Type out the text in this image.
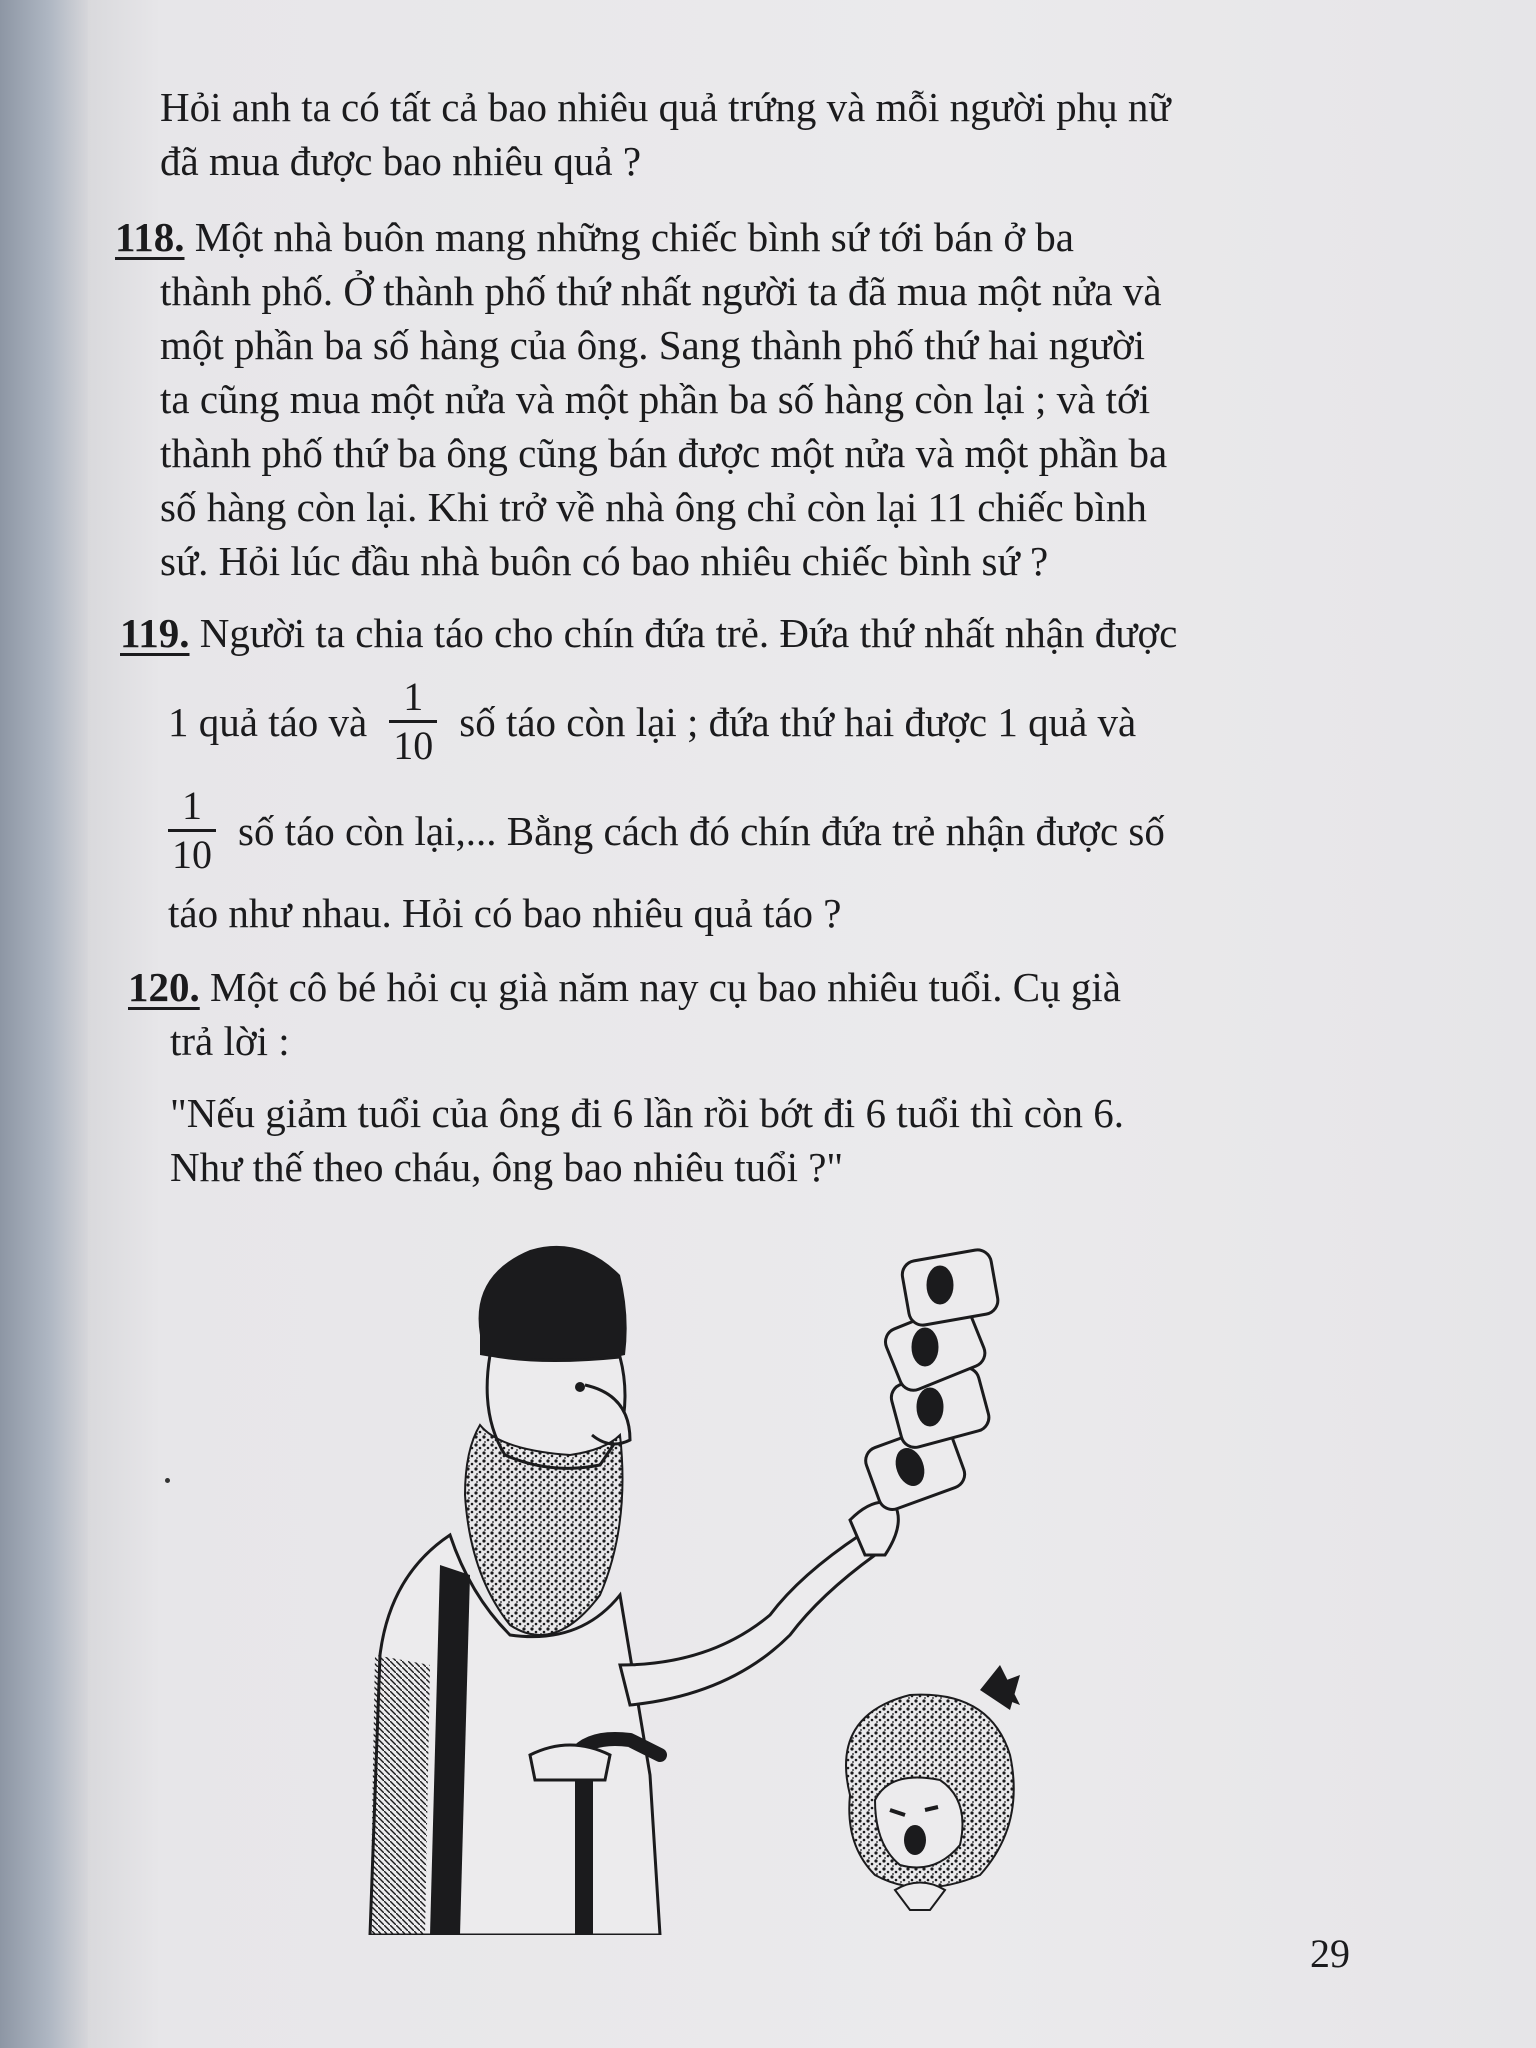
Hỏi anh ta có tất cả bao nhiêu quả trứng và mỗi người phụ nữ

đã mua được bao nhiêu quả ?

118. Một nhà buôn mang những chiếc bình sứ tới bán ở ba

thành phố. Ở thành phố thứ nhất người ta đã mua một nửa và

một phần ba số hàng của ông. Sang thành phố thứ hai người

ta cũng mua một nửa và một phần ba số hàng còn lại ; và tới

thành phố thứ ba ông cũng bán được một nửa và một phần ba

số hàng còn lại. Khi trở về nhà ông chỉ còn lại 11 chiếc bình

sứ. Hỏi lúc đầu nhà buôn có bao nhiêu chiếc bình sứ ?

119. Người ta chia táo cho chín đứa trẻ. Đứa thứ nhất nhận được

1 quả táo và $\frac{1}{10}$ số táo còn lại ; đứa thứ hai được 1 quả và
$\frac{1}{10}$ số táo còn lại,... Bằng cách đó chín đứa trẻ nhận được số

táo như nhau. Hỏi có bao nhiêu quả táo ?

120. Một cô bé hỏi cụ già năm nay cụ bao nhiêu tuổi. Cụ già

trả lời :

"Nếu giảm tuổi của ông đi 6 lần rồi bớt đi 6 tuổi thì còn 6.

Như thế theo cháu, ông bao nhiêu tuổi ?"

29
